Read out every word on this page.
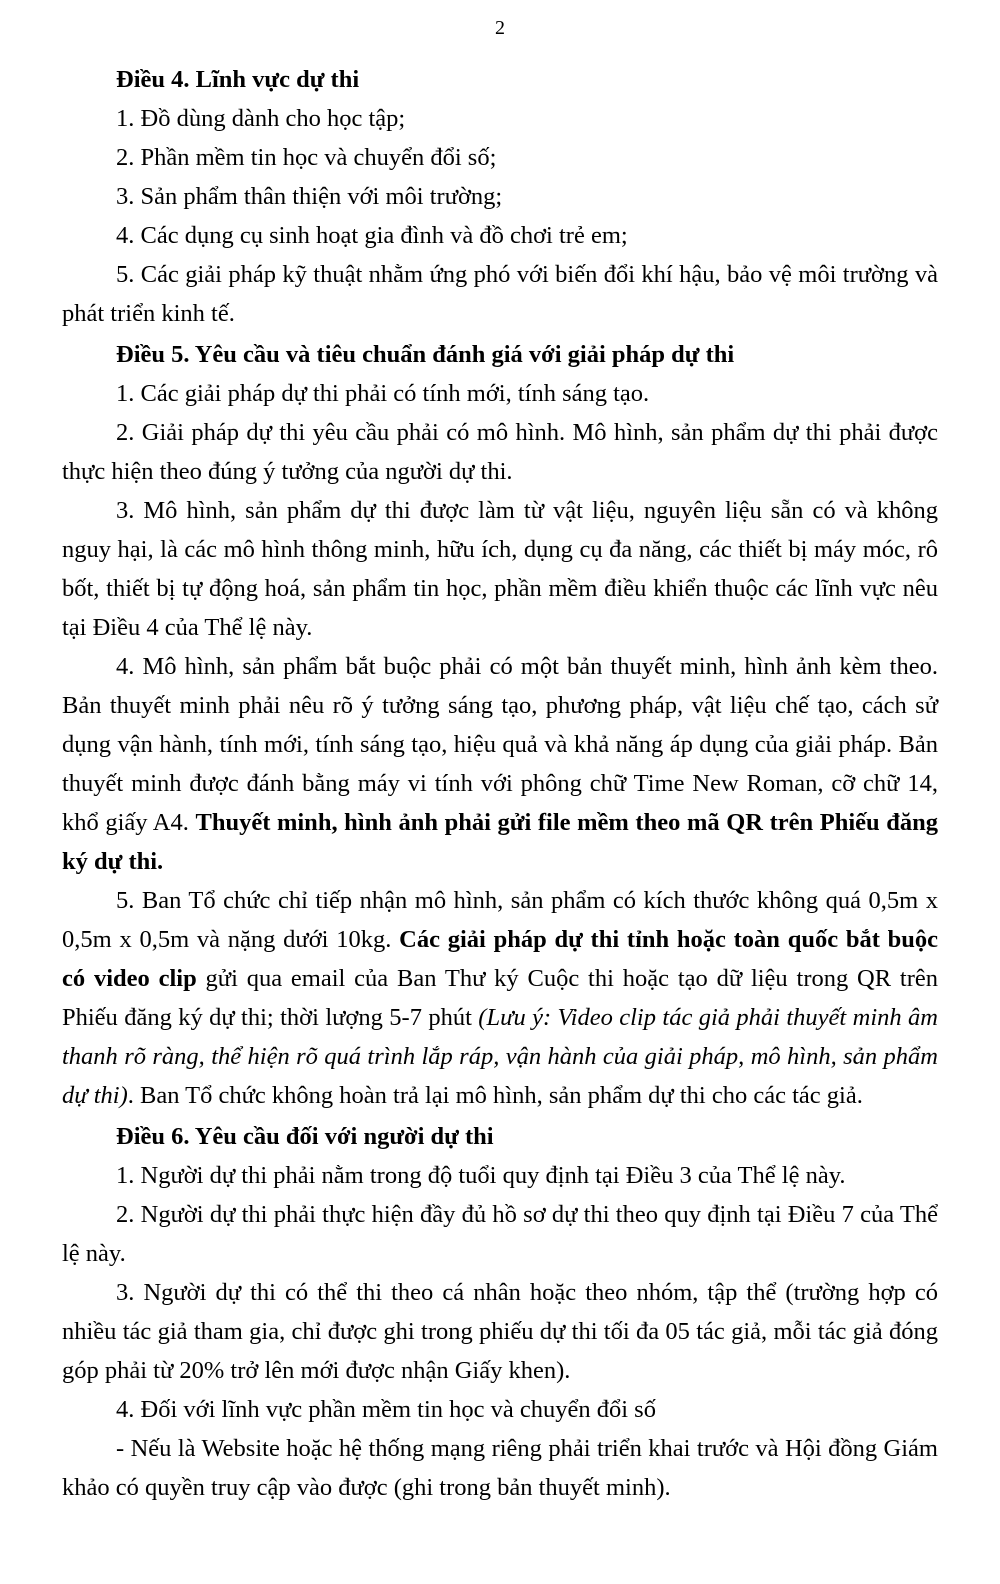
2

Điều 4. Lĩnh vực dự thi

1. Đồ dùng dành cho học tập;

2. Phần mềm tin học và chuyển đổi số;

3. Sản phẩm thân thiện với môi trường;

4. Các dụng cụ sinh hoạt gia đình và đồ chơi trẻ em;

5. Các giải pháp kỹ thuật nhằm ứng phó với biến đổi khí hậu, bảo vệ môi trường và phát triển kinh tế.

Điều 5. Yêu cầu và tiêu chuẩn đánh giá với giải pháp dự thi

1. Các giải pháp dự thi phải có tính mới, tính sáng tạo.

2. Giải pháp dự thi yêu cầu phải có mô hình. Mô hình, sản phẩm dự thi phải được thực hiện theo đúng ý tưởng của người dự thi.

3. Mô hình, sản phẩm dự thi được làm từ vật liệu, nguyên liệu sẵn có và không nguy hại, là các mô hình thông minh, hữu ích, dụng cụ đa năng, các thiết bị máy móc, rô bốt, thiết bị tự động hoá, sản phẩm tin học, phần mềm điều khiển thuộc các lĩnh vực nêu tại Điều 4 của Thể lệ này.

4. Mô hình, sản phẩm bắt buộc phải có một bản thuyết minh, hình ảnh kèm theo. Bản thuyết minh phải nêu rõ ý tưởng sáng tạo, phương pháp, vật liệu chế tạo, cách sử dụng vận hành, tính mới, tính sáng tạo, hiệu quả và khả năng áp dụng của giải pháp. Bản thuyết minh được đánh bằng máy vi tính với phông chữ Time New Roman, cỡ chữ 14, khổ giấy A4. Thuyết minh, hình ảnh phải gửi file mềm theo mã QR trên Phiếu đăng ký dự thi.

5. Ban Tổ chức chỉ tiếp nhận mô hình, sản phẩm có kích thước không quá 0,5m x 0,5m x 0,5m và nặng dưới 10kg. Các giải pháp dự thi tỉnh hoặc toàn quốc bắt buộc có video clip gửi qua email của Ban Thư ký Cuộc thi hoặc tạo dữ liệu trong QR trên Phiếu đăng ký dự thi; thời lượng 5-7 phút (Lưu ý: Video clip tác giả phải thuyết minh âm thanh rõ ràng, thể hiện rõ quá trình lắp ráp, vận hành của giải pháp, mô hình, sản phẩm dự thi). Ban Tổ chức không hoàn trả lại mô hình, sản phẩm dự thi cho các tác giả.

Điều 6. Yêu cầu đối với người dự thi

1. Người dự thi phải nằm trong độ tuổi quy định tại Điều 3 của Thể lệ này.

2. Người dự thi phải thực hiện đầy đủ hồ sơ dự thi theo quy định tại Điều 7 của Thể lệ này.

3. Người dự thi có thể thi theo cá nhân hoặc theo nhóm, tập thể (trường hợp có nhiều tác giả tham gia, chỉ được ghi trong phiếu dự thi tối đa 05 tác giả, mỗi tác giả đóng góp phải từ 20% trở lên mới được nhận Giấy khen).

4. Đối với lĩnh vực phần mềm tin học và chuyển đổi số

- Nếu là Website hoặc hệ thống mạng riêng phải triển khai trước và Hội đồng Giám khảo có quyền truy cập vào được (ghi trong bản thuyết minh).
